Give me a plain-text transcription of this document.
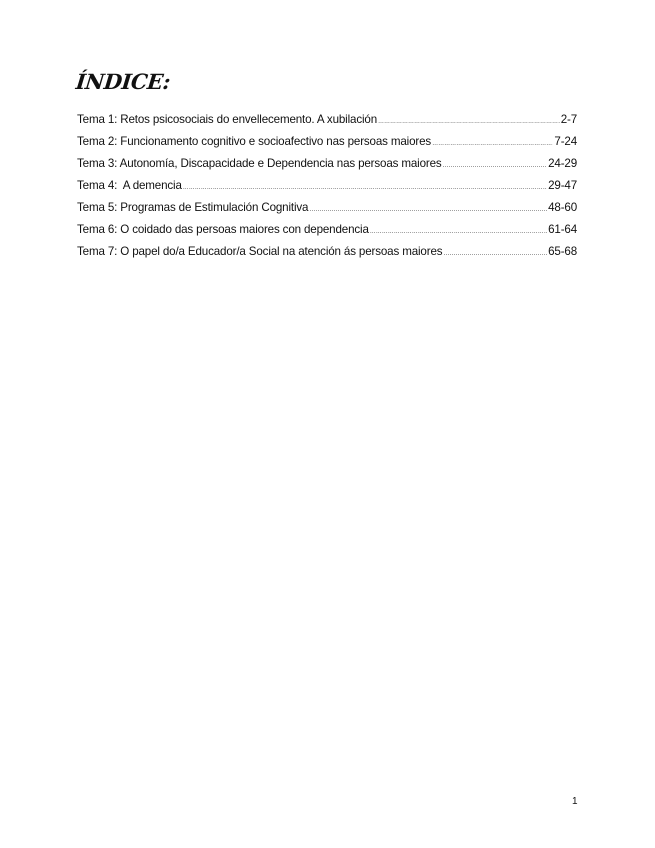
ÍNDICE:
Tema 1: Retos psicosociais do envellecemento. A xubilación ……………………………………………………………………………………………………………………………………………………………………………………………………………………………………………………………………………………………………………………	2-7
Tema 2: Funcionamento cognitivo e socioafectivo nas persoas maiores ……………………………………………………………………………………………………………………………………………………………………………………………………………………………………………………………………………………………………………………	7-24
Tema 3: Autonomía, Discapacidade e Dependencia nas persoas maiores ……………………………………………………………………………………………………………………………………………………………………………………………………………………………………………………………………………………………………………………	24-29
Tema 4:  A demencia ……………………………………………………………………………………………………………………………………………………………………………………………………………………………………………………………………………………………………………………	29-47
Tema 5: Programas de Estimulación Cognitiva ……………………………………………………………………………………………………………………………………………………………………………………………………………………………………………………………………………………………………………………	48-60
Tema 6: O coidado das persoas maiores con dependencia ……………………………………………………………………………………………………………………………………………………………………………………………………………………………………………………………………………………………………………………	61-64
Tema 7: O papel do/a Educador/a Social na atención ás persoas maiores ……………………………………………………………………………………………………………………………………………………………………………………………………………………………………………………………………………………………………………………	65-68
1
